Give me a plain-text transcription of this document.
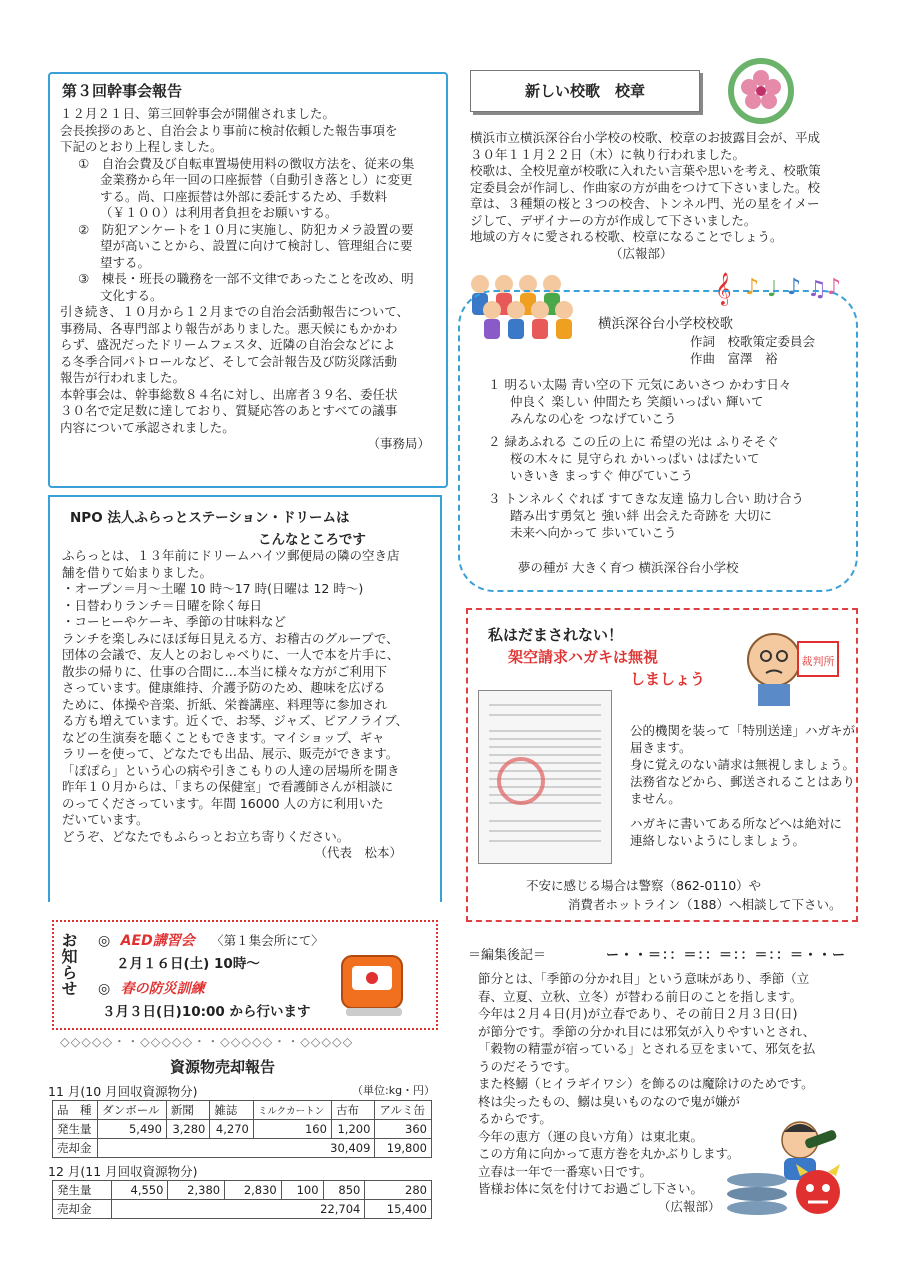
第３回幹事会報告

１２月２１日、第三回幹事会が開催されました。

会長挨拶のあと、自治会より事前に検討依頼した報告事項を

下記のとおり上程しました。

①　自治会費及び自転車置場使用料の徴収方法を、従来の集

金業務から年一回の口座振替（自動引き落とし）に変更

する。尚、口座振替は外部に委託するため、手数料

（￥１００）は利用者負担をお願いする。

②　防犯アンケートを１０月に実施し、防犯カメラ設置の要

望が高いことから、設置に向けて検討し、管理組合に要

望する。

③　棟長・班長の職務を一部不文律であったことを改め、明

文化する。

引き続き、１０月から１２月までの自治会活動報告について、

事務局、各専門部より報告がありました。悪天候にもかかわ

らず、盛況だったドリームフェスタ、近隣の自治会などによ

る冬季合同パトロールなど、そして会計報告及び防災隊活動

報告が行われました。

本幹事会は、幹事総数８４名に対し、出席者３９名、委任状

３０名で定足数に達しており、質疑応答のあとすべての議事

内容について承認されました。

（事務局）

新しい校歌　校章

横浜市立横浜深谷台小学校の校歌、校章のお披露目会が、平成

３０年１１月２２日（木）に執り行われました。

校歌は、全校児童が校歌に入れたい言葉や思いを考え、校歌策

定委員会が作詞し、作曲家の方が曲をつけて下さいました。校

章は、３種類の桜と３つの校舎、トンネル門、光の星をイメー

ジして、デザイナーの方が作成して下さいました。

地域の方々に愛される校歌、校章になることでしょう。

（広報部）

𝄞 ♪ ♩ ♪ ♫ ♪
横浜深谷台小学校校歌
作詞　校歌策定委員会
作曲　富澤　裕

１ 明るい太陽 青い空の下 元気にあいさつ かわす日々

仲良く 楽しい 仲間たち 笑顔いっぱい 輝いて

みんなの心を つなげていこう

２ 緑あふれる この丘の上に 希望の光は ふりそそぐ

桜の木々に 見守られ かいっぱい はばたいて

いきいき まっすぐ 伸びていこう

３ トンネルくぐれば すてきな友達 協力し合い 助け合う

踏み出す勇気と 強い絆 出会えた奇跡を 大切に

未来へ向かって 歩いていこう

夢の種が 大きく育つ 横浜深谷台小学校
NPO 法人ふらっとステーション・ドリームは
こんなところです

ふらっとは、１３年前にドリームハイツ郵便局の隣の空き店

舗を借りて始まりました。

・オープン＝月～土曜 10 時～17 時(日曜は 12 時～)

・日替わりランチ＝日曜を除く毎日

・コーヒーやケーキ、季節の甘味料など

ランチを楽しみにほぼ毎日見える方、お稽古のグループで、

団体の会議で、友人とのおしゃべりに、一人で本を片手に、

散歩の帰りに、仕事の合間に…本当に様々な方がご利用下

さっています。健康維持、介護予防のため、趣味を広げる

ために、体操や音楽、折紙、栄養講座、料理等に参加され

る方も増えています。近くで、お琴、ジャズ、ピアノライブ、

などの生演奏を聴くこともできます。マイショップ、ギャ

ラリーを使って、どなたでも出品、展示、販売ができます。

「ぽぽら」という心の病や引きこもりの人達の居場所を開き

昨年１０月からは、「まちの保健室」で看護師さんが相談に

のってくださっています。年間 16000 人の方に利用いた

だいています。

どうぞ、どなたでもふらっとお立ち寄りください。

（代表　松本）

私はだまされない！
架空請求ハガキは無視
しましょう
裁判所

公的機関を装って「特別送達」ハガキが

届きます。

身に覚えのない請求は無視しましょう。

法務省などから、郵送されることはあり

ません。

ハガキに書いてある所などへは絶対に

連絡しないようにしましょう。

不安に感じる場合は警察（862-0110）や
消費者ホットライン（188）へ相談して下さい。
お知らせ ◎ AED講習会 〈第１集会所にて〉
２月１６日(土) 10時～
◎ 春の防災訓練
３月３日(日)10:00 から行います
◇◇◇◇◇・・◇◇◇◇◇・・◇◇◇◇◇・・◇◇◇◇◇
資源物売却報告
11 月(10 月回収資源物分)	（単位:kg・円）
品　種	ダンボール	新聞	雑誌	ミルクカートン	古布	アルミ缶
発生量	5,490	3,280	4,270	160	1,200	360
売却金	30,409					19,800
12 月(11 月回収資源物分)
発生量	4,550	2,380	2,830	100	850	280
売却金	22,704					15,400
＝編集後記＝	ー・・＝：：＝：：＝：：＝：：＝・・ー

節分とは、「季節の分かれ目」という意味があり、季節（立

春、立夏、立秋、立冬）が替わる前日のことを指します。

今年は２月４日(月)が立春であり、その前日２月３日(日)

が節分です。季節の分かれ目には邪気が入りやすいとされ、

「穀物の精霊が宿っている」とされる豆をまいて、邪気を払

うのだそうです。

また柊鰯（ヒイラギイワシ）を飾るのは魔除けのためです。

柊は尖ったもの、鰯は臭いものなので鬼が嫌が

るからです。

今年の恵方（運の良い方角）は東北東。

この方角に向かって恵方巻を丸かぶりします。

立春は一年で一番寒い日です。

皆様お体に気を付けてお過ごし下さい。

（広報部）
